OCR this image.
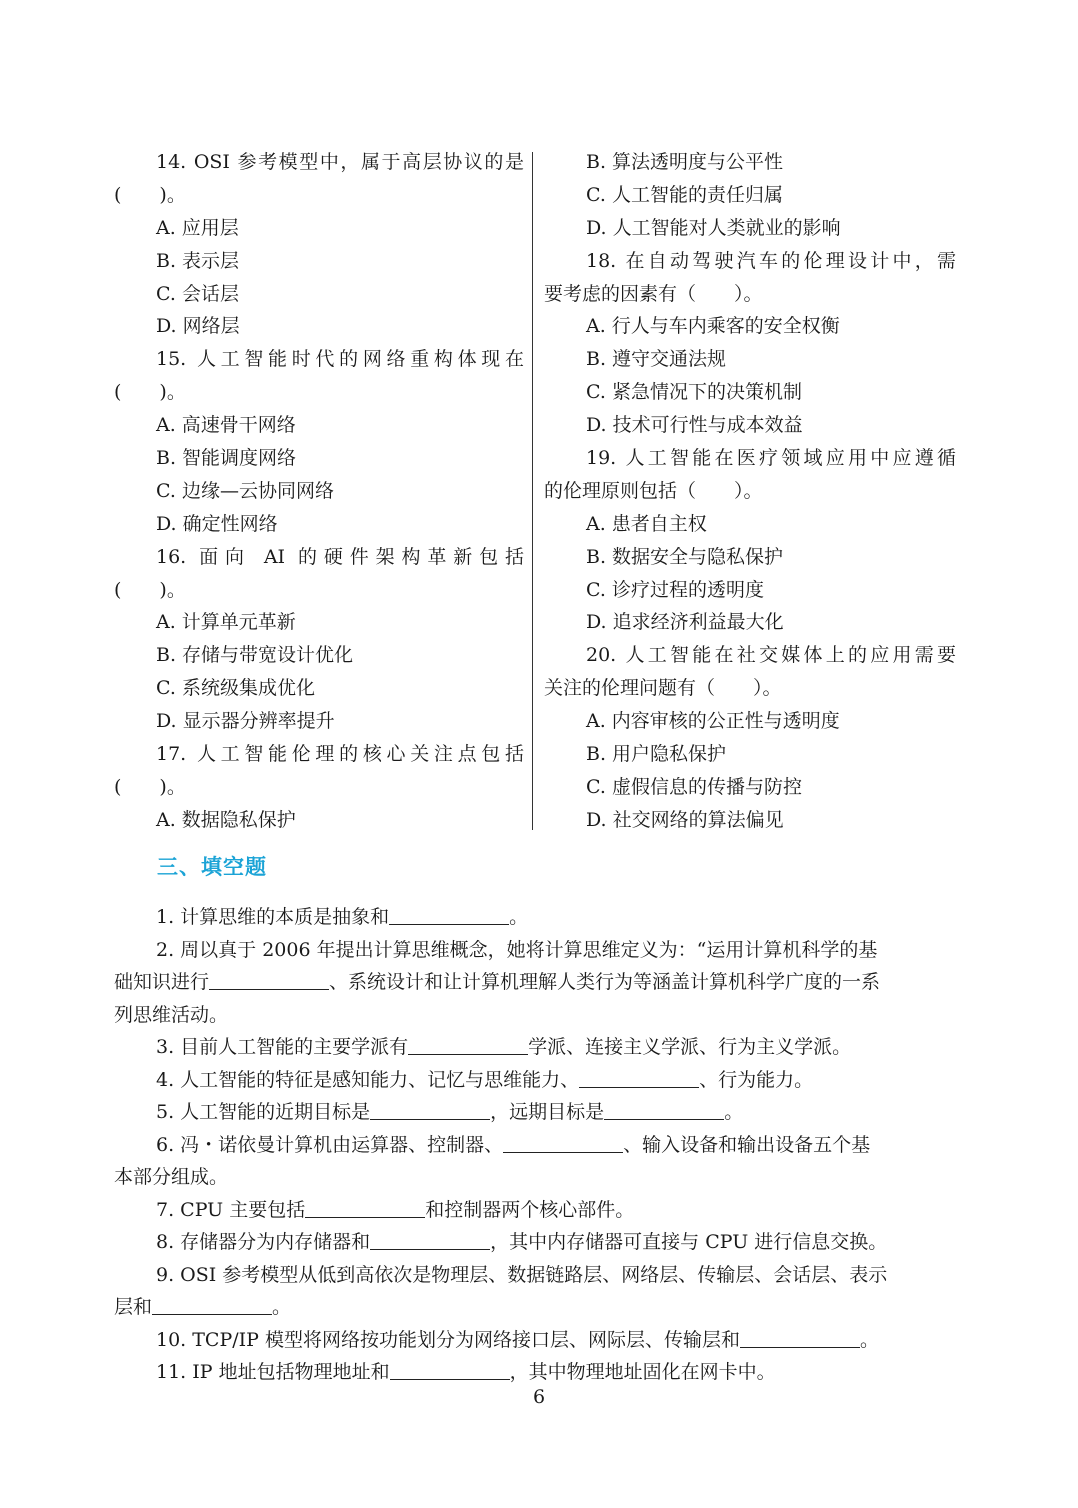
14. OSI 参考模型中，属于高层协议的是
(　　)。
A. 应用层
B. 表示层
C. 会话层
D. 网络层
15. 人工智能时代的网络重构体现在
(　　)。
A. 高速骨干网络
B. 智能调度网络
C. 边缘—云协同网络
D. 确定性网络
16. 面向 AI 的硬件架构革新包括
(　　)。
A. 计算单元革新
B. 存储与带宽设计优化
C. 系统级集成优化
D. 显示器分辨率提升
17. 人工智能伦理的核心关注点包括
(　　)。
A. 数据隐私保护
B. 算法透明度与公平性
C. 人工智能的责任归属
D. 人工智能对人类就业的影响
18. 在自动驾驶汽车的伦理设计中，需
要考虑的因素有（　　）。
A. 行人与车内乘客的安全权衡
B. 遵守交通法规
C. 紧急情况下的决策机制
D. 技术可行性与成本效益
19. 人工智能在医疗领域应用中应遵循
的伦理原则包括（　　）。
A. 患者自主权
B. 数据安全与隐私保护
C. 诊疗过程的透明度
D. 追求经济利益最大化
20. 人工智能在社交媒体上的应用需要
关注的伦理问题有（　　）。
A. 内容审核的公正性与透明度
B. 用户隐私保护
C. 虚假信息的传播与防控
D. 社交网络的算法偏见
三、填空题
1. 计算思维的本质是抽象和	。
2. 周以真于 2006 年提出计算思维概念，她将计算思维定义为：“运用计算机科学的基
础知识进行	、系统设计和让计算机理解人类行为等涵盖计算机科学广度的一系
列思维活动。
3. 目前人工智能的主要学派有	学派、连接主义学派、行为主义学派。
4. 人工智能的特征是感知能力、记忆与思维能力、	、行为能力。
5. 人工智能的近期目标是	，远期目标是	。
6. 冯・诺依曼计算机由运算器、控制器、	、输入设备和输出设备五个基
本部分组成。
7. CPU 主要包括	和控制器两个核心部件。
8. 存储器分为内存储器和	，其中内存储器可直接与 CPU 进行信息交换。
9. OSI 参考模型从低到高依次是物理层、数据链路层、网络层、传输层、会话层、表示
层和	。
10. TCP/IP 模型将网络按功能划分为网络接口层、网际层、传输层和	。
11. IP 地址包括物理地址和	，其中物理地址固化在网卡中。
6
